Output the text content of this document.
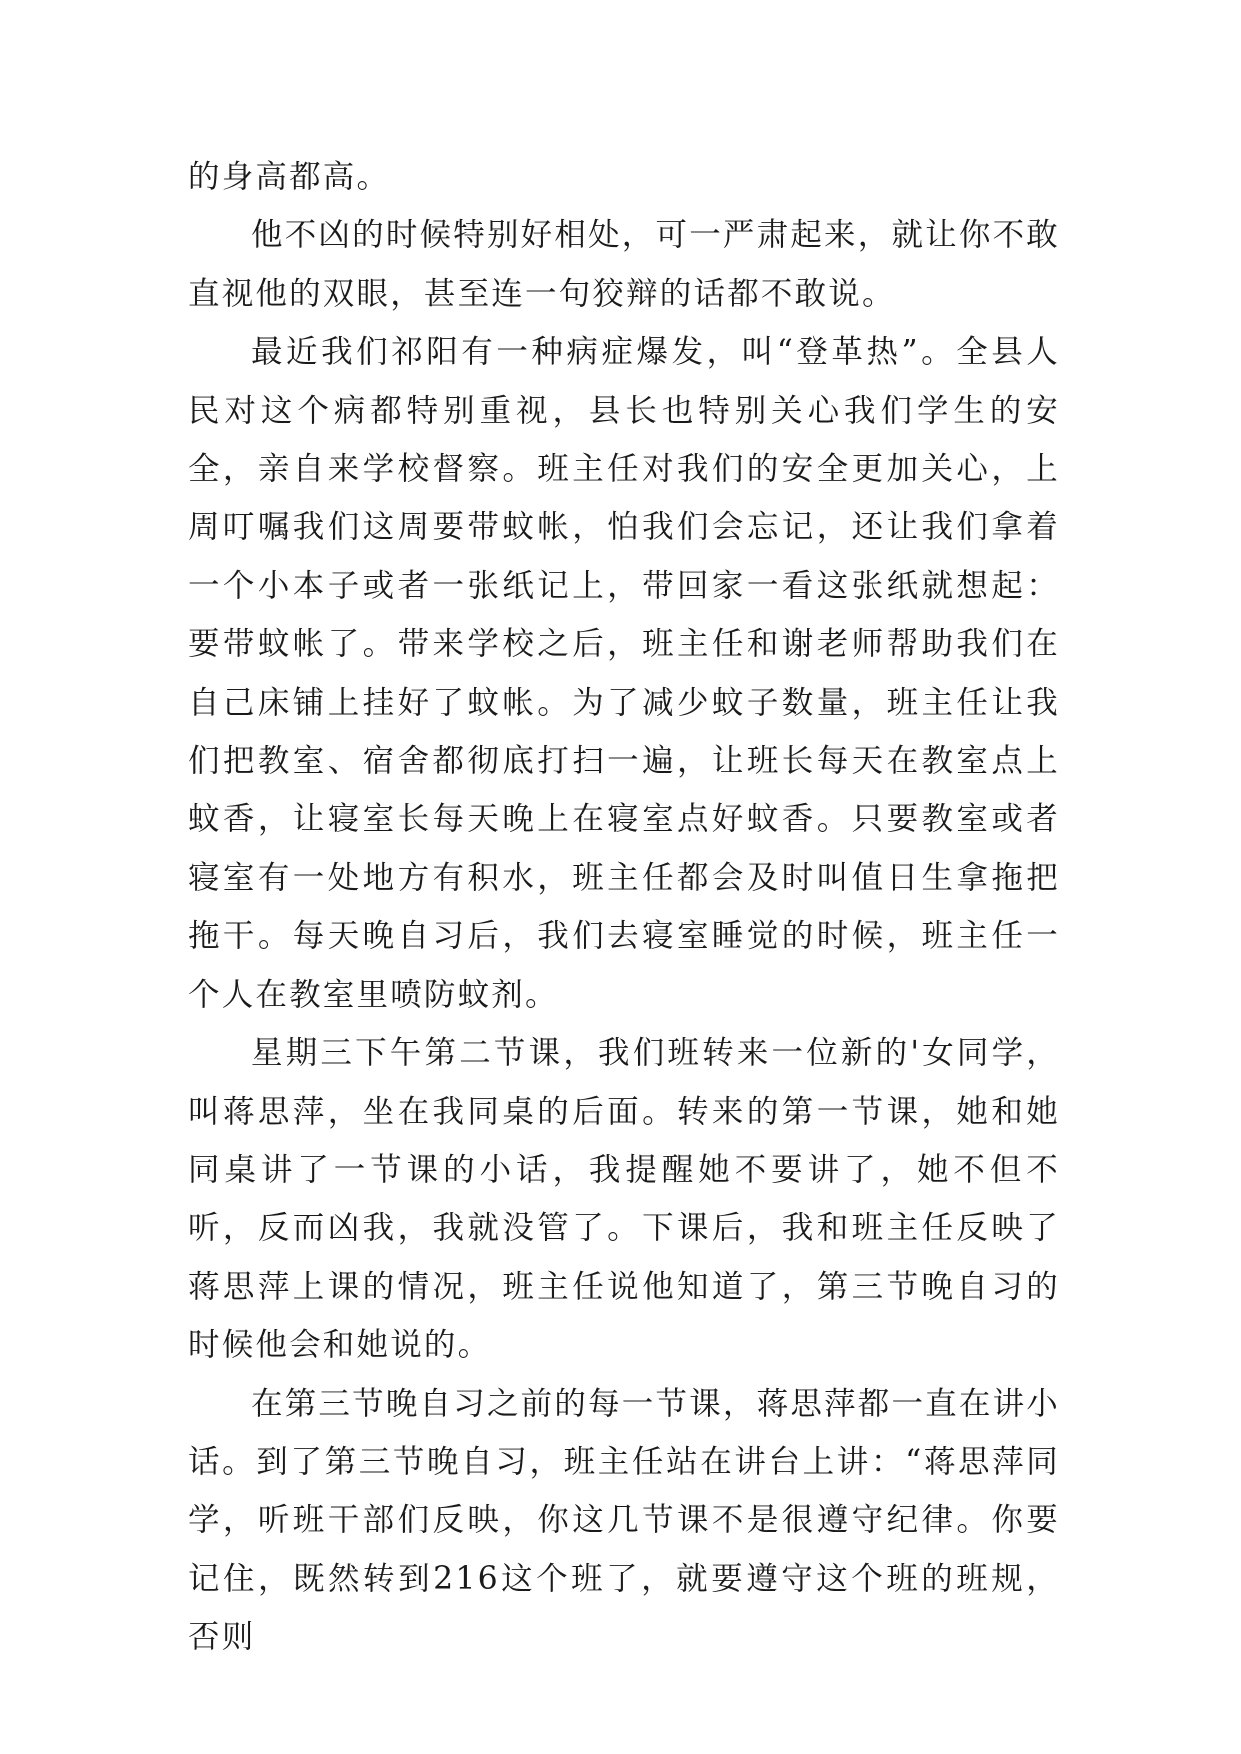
的身高都高。

他不凶的时候特别好相处，可一严肃起来，就让你不敢直视他的双眼，甚至连一句狡辩的话都不敢说。

最近我们祁阳有一种病症爆发，叫“登革热”。全县人民对这个病都特别重视，县长也特别关心我们学生的安全，亲自来学校督察。班主任对我们的安全更加关心，上周叮嘱我们这周要带蚊帐，怕我们会忘记，还让我们拿着一个小本子或者一张纸记上，带回家一看这张纸就想起：要带蚊帐了。带来学校之后，班主任和谢老师帮助我们在自己床铺上挂好了蚊帐。为了减少蚊子数量，班主任让我们把教室、宿舍都彻底打扫一遍，让班长每天在教室点上蚊香，让寝室长每天晚上在寝室点好蚊香。只要教室或者寝室有一处地方有积水，班主任都会及时叫值日生拿拖把拖干。每天晚自习后，我们去寝室睡觉的时候，班主任一个人在教室里喷防蚊剂。

星期三下午第二节课，我们班转来一位新的'女同学，叫蒋思萍，坐在我同桌的后面。转来的第一节课，她和她同桌讲了一节课的小话，我提醒她不要讲了，她不但不听，反而凶我，我就没管了。下课后，我和班主任反映了蒋思萍上课的情况，班主任说他知道了，第三节晚自习的时候他会和她说的。

在第三节晚自习之前的每一节课，蒋思萍都一直在讲小话。到了第三节晚自习，班主任站在讲台上讲：“蒋思萍同学，听班干部们反映，你这几节课不是很遵守纪律。你要记住，既然转到216这个班了，就要遵守这个班的班规，否则
